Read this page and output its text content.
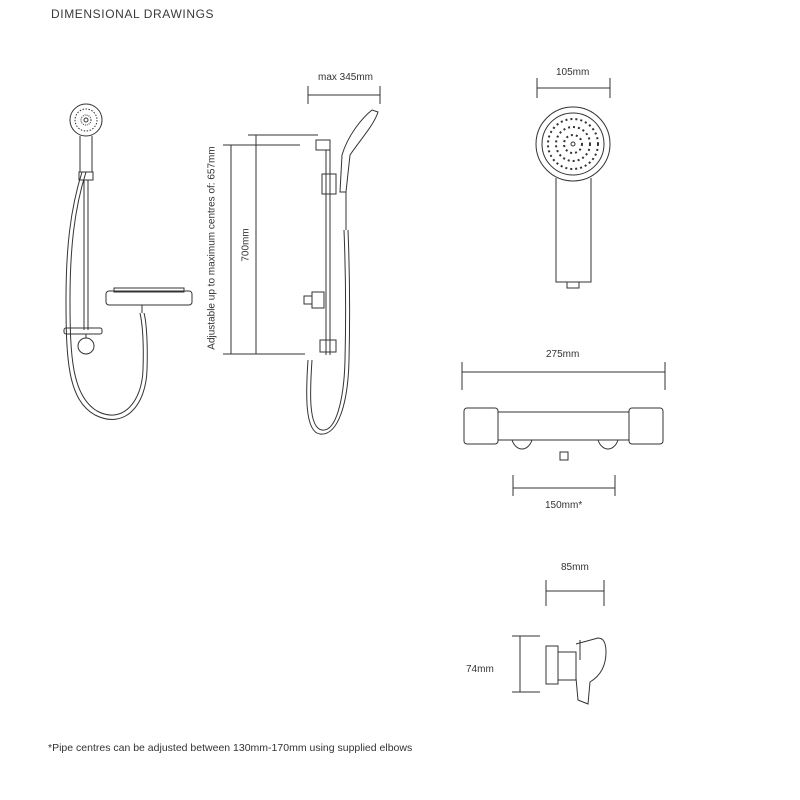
DIMENSIONAL DRAWINGS
max 345mm
Adjustable up to maximum centres of: 657mm 700mm
105mm
275mm
150mm*
85mm
74mm
*Pipe centres can be adjusted between 130mm-170mm using supplied elbows
